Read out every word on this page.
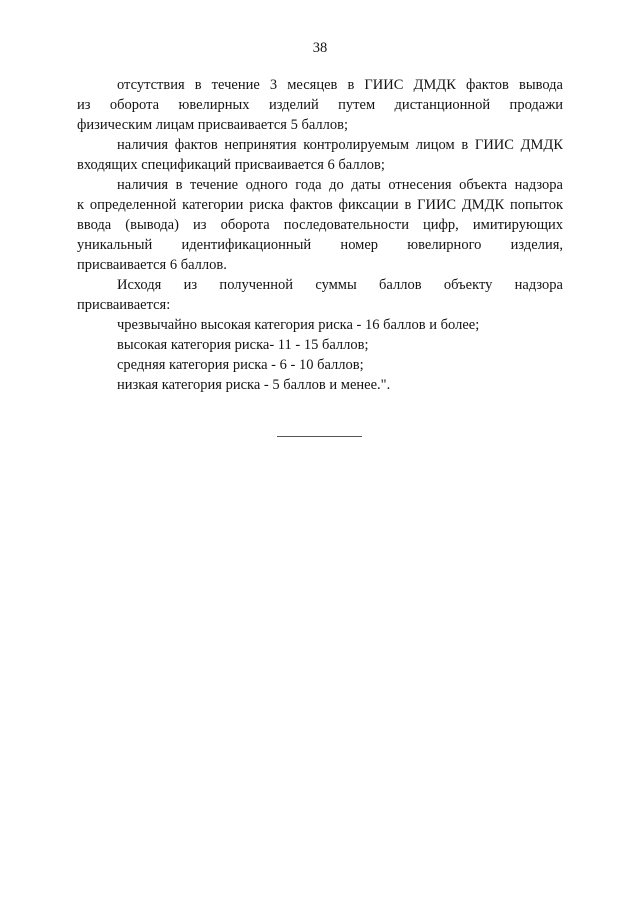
38
отсутствия в течение 3 месяцев в ГИИС ДМДК фактов вывода
из оборота ювелирных изделий путем дистанционной продажи
физическим лицам присваивается 5 баллов;
наличия фактов непринятия контролируемым лицом в ГИИС ДМДК
входящих спецификаций присваивается 6 баллов;
наличия в течение одного года до даты отнесения объекта надзора
к определенной категории риска фактов фиксации в ГИИС ДМДК попыток
ввода (вывода) из оборота последовательности цифр, имитирующих
уникальный идентификационный номер ювелирного изделия,
присваивается 6 баллов.
Исходя из полученной суммы баллов объекту надзора
присваивается:
чрезвычайно высокая категория риска - 16 баллов и более;
высокая категория риска- 11 - 15 баллов;
средняя категория риска - 6 - 10 баллов;
низкая категория риска - 5 баллов и менее.".
